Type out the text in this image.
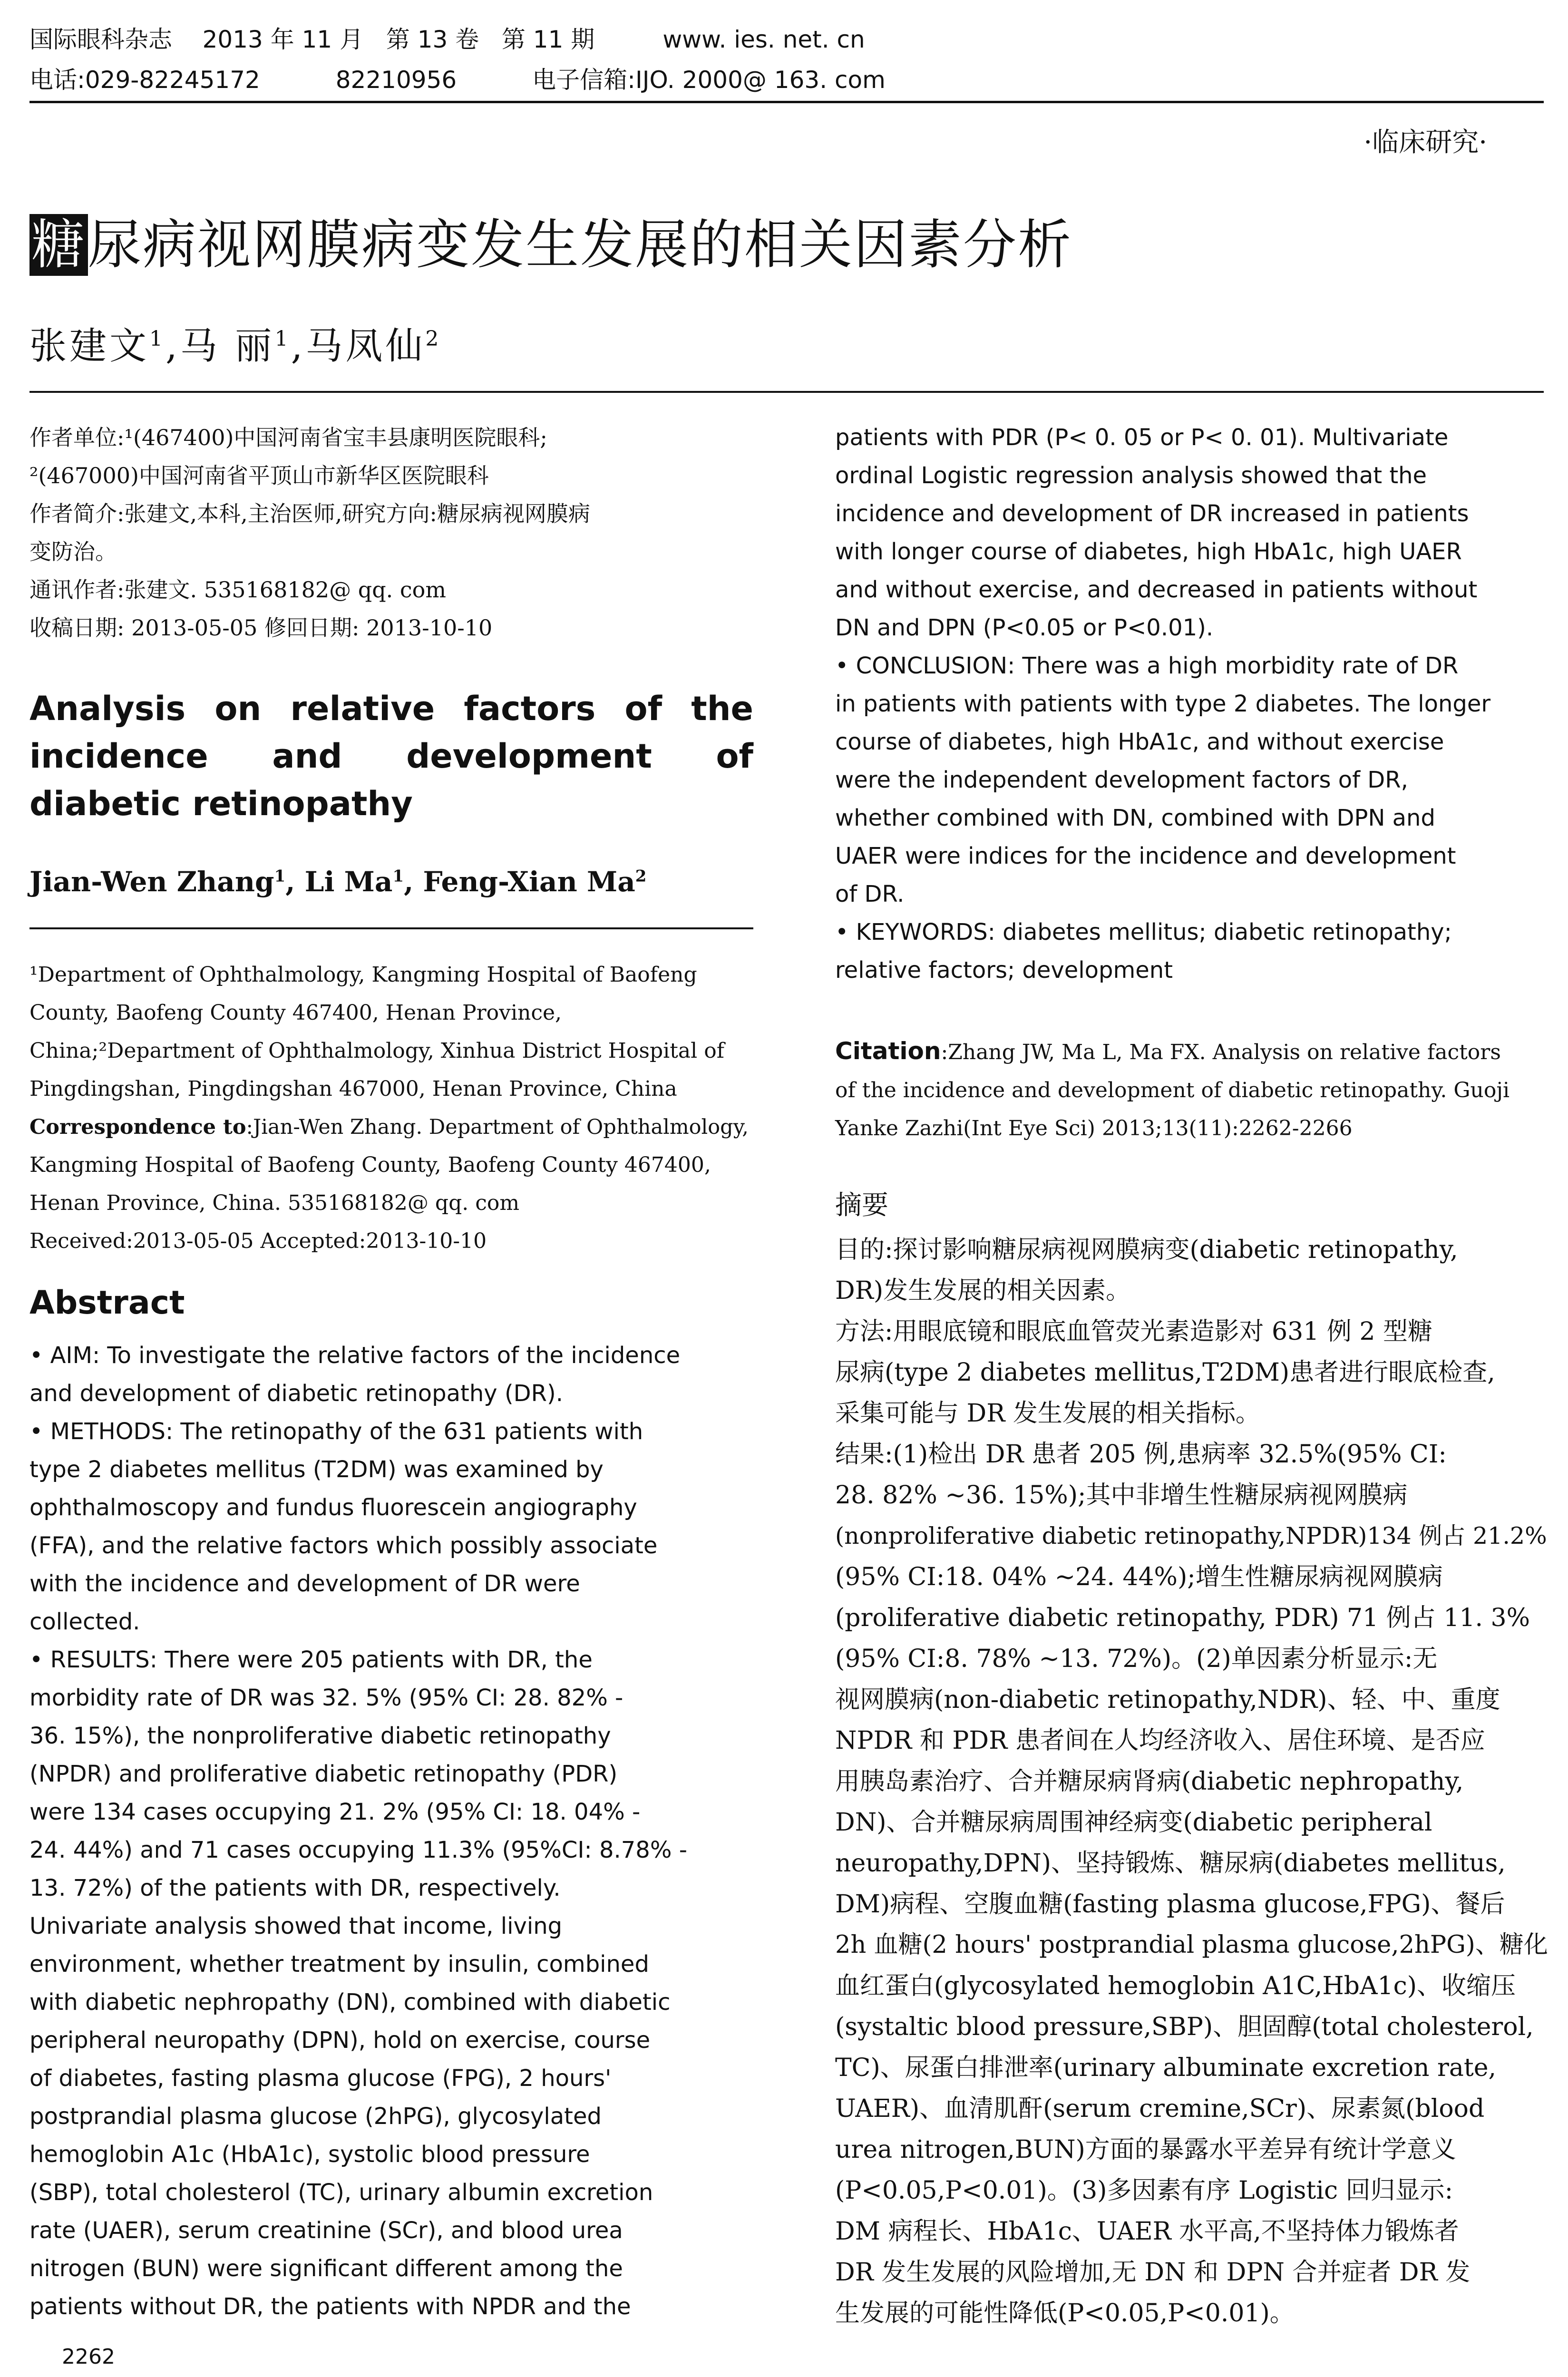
国际眼科杂志    2013 年 11 月   第 13 卷   第 11 期         www. ies. net. cn
电话:029-82245172          82210956          电子信箱:IJO. 2000@ 163. com
·临床研究·
糖尿病视网膜病变发生发展的相关因素分析
张建文$^1$,马 丽$^1$,马凤仙$^2$
作者单位:¹(467400)中国河南省宝丰县康明医院眼科;
²(467000)中国河南省平顶山市新华区医院眼科
作者简介:张建文,本科,主治医师,研究方向:糖尿病视网膜病
变防治。
通讯作者:张建文. 535168182@ qq. com
收稿日期: 2013-05-05 修回日期: 2013-10-10
Analysis on relative factors of the incidence and development of diabetic retinopathy
Jian-Wen Zhang$^1$, Li Ma$^1$, Feng-Xian Ma$^2$
¹Department of Ophthalmology, Kangming Hospital of Baofeng
County, Baofeng County 467400, Henan Province,
China;²Department of Ophthalmology, Xinhua District Hospital of
Pingdingshan, Pingdingshan 467000, Henan Province, China
Correspondence to:Jian-Wen Zhang. Department of Ophthalmology,
Kangming Hospital of Baofeng County, Baofeng County 467400,
Henan Province, China. 535168182@ qq. com
Received:2013-05-05 Accepted:2013-10-10
Abstract
• AIM: To investigate the relative factors of the incidence
and development of diabetic retinopathy (DR).
• METHODS: The retinopathy of the 631 patients with
type 2 diabetes mellitus (T2DM) was examined by
ophthalmoscopy and fundus fluorescein angiography
(FFA), and the relative factors which possibly associate
with the incidence and development of DR were
collected.
• RESULTS: There were 205 patients with DR, the
morbidity rate of DR was 32. 5% (95% CI: 28. 82% -
36. 15%), the nonproliferative diabetic retinopathy
(NPDR) and proliferative diabetic retinopathy (PDR)
were 134 cases occupying 21. 2% (95% CI: 18. 04% -
24. 44%) and 71 cases occupying 11.3% (95%CI: 8.78% -
13. 72%) of the patients with DR, respectively.
Univariate analysis showed that income, living
environment, whether treatment by insulin, combined
with diabetic nephropathy (DN), combined with diabetic
peripheral neuropathy (DPN), hold on exercise, course
of diabetes, fasting plasma glucose (FPG), 2 hours'
postprandial plasma glucose (2hPG), glycosylated
hemoglobin A1c (HbA1c), systolic blood pressure
(SBP), total cholesterol (TC), urinary albumin excretion
rate (UAER), serum creatinine (SCr), and blood urea
nitrogen (BUN) were significant different among the
patients without DR, the patients with NPDR and the
patients with PDR (P< 0. 05 or P< 0. 01). Multivariate
ordinal Logistic regression analysis showed that the
incidence and development of DR increased in patients
with longer course of diabetes, high HbA1c, high UAER
and without exercise, and decreased in patients without
DN and DPN (P<0.05 or P<0.01).
• CONCLUSION: There was a high morbidity rate of DR
in patients with patients with type 2 diabetes. The longer
course of diabetes, high HbA1c, and without exercise
were the independent development factors of DR,
whether combined with DN, combined with DPN and
UAER were indices for the incidence and development
of DR.
• KEYWORDS: diabetes mellitus; diabetic retinopathy;
relative factors; development
Citation:Zhang JW, Ma L, Ma FX. Analysis on relative factors
of the incidence and development of diabetic retinopathy. Guoji
Yanke Zazhi(Int Eye Sci) 2013;13(11):2262-2266
摘要
目的:探讨影响糖尿病视网膜病变(diabetic retinopathy,
DR)发生发展的相关因素。
方法:用眼底镜和眼底血管荧光素造影对 631 例 2 型糖
尿病(type 2 diabetes mellitus,T2DM)患者进行眼底检查,
采集可能与 DR 发生发展的相关指标。
结果:(1)检出 DR 患者 205 例,患病率 32.5%(95% CI:
28. 82% ~36. 15%);其中非增生性糖尿病视网膜病
(nonproliferative diabetic retinopathy,NPDR)134 例占 21.2%
(95% CI:18. 04% ~24. 44%);增生性糖尿病视网膜病
(proliferative diabetic retinopathy, PDR) 71 例占 11. 3%
(95% CI:8. 78% ~13. 72%)。(2)单因素分析显示:无
视网膜病(non-diabetic retinopathy,NDR)、轻、中、重度
NPDR 和 PDR 患者间在人均经济收入、居住环境、是否应
用胰岛素治疗、合并糖尿病肾病(diabetic nephropathy,
DN)、合并糖尿病周围神经病变(diabetic peripheral
neuropathy,DPN)、坚持锻炼、糖尿病(diabetes mellitus,
DM)病程、空腹血糖(fasting plasma glucose,FPG)、餐后
2h 血糖(2 hours' postprandial plasma glucose,2hPG)、糖化
血红蛋白(glycosylated hemoglobin A1C,HbA1c)、收缩压
(systaltic blood pressure,SBP)、胆固醇(total cholesterol,
TC)、尿蛋白排泄率(urinary albuminate excretion rate,
UAER)、血清肌酐(serum cremine,SCr)、尿素氮(blood
urea nitrogen,BUN)方面的暴露水平差异有统计学意义
(P<0.05,P<0.01)。(3)多因素有序 Logistic 回归显示:
DM 病程长、HbA1c、UAER 水平高,不坚持体力锻炼者
DR 发生发展的风险增加,无 DN 和 DPN 合并症者 DR 发
生发展的可能性降低(P<0.05,P<0.01)。
2262
